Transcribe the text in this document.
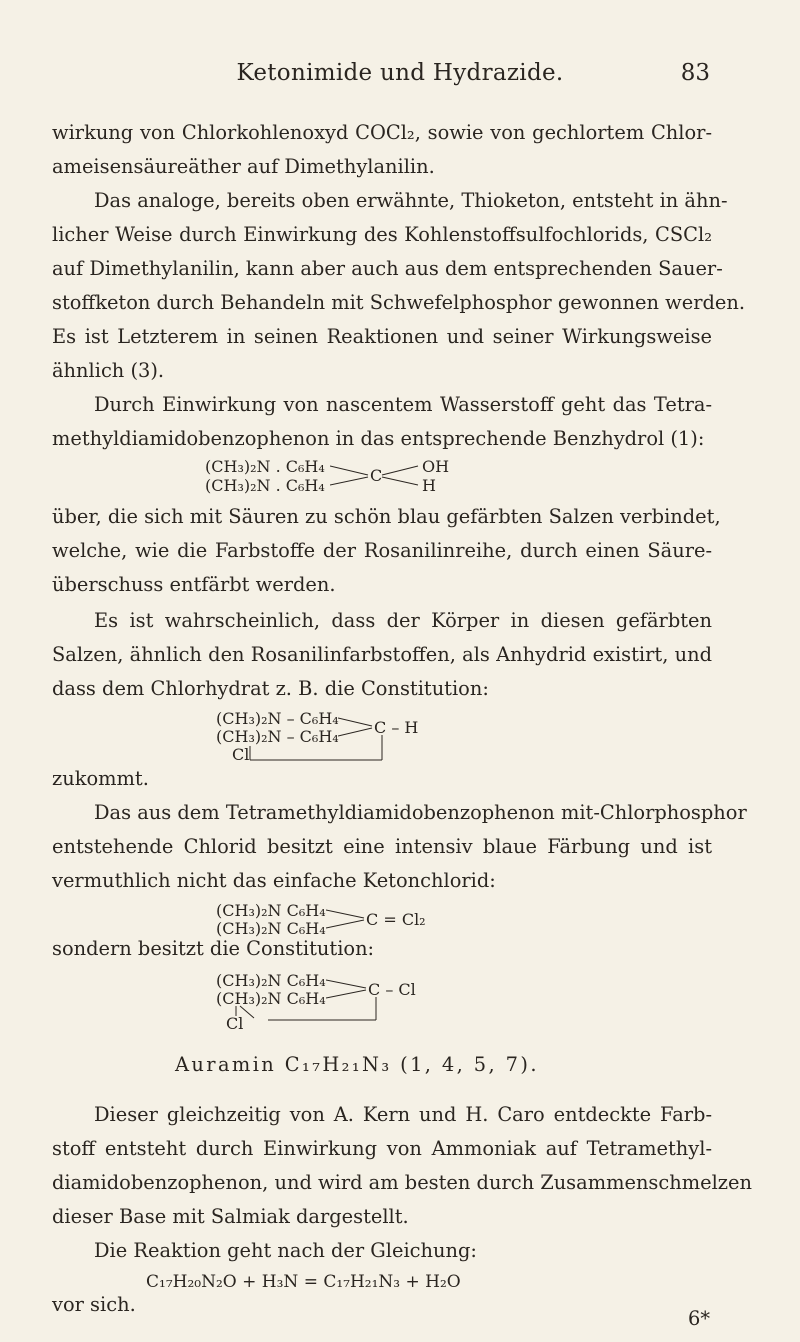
Ketonimide und Hydrazide.	83
wirkung von Chlorkohlenoxyd COCl₂, sowie von gechlortem Chlor-
ameisensäureäther auf Dimethylanilin.
Das analoge, bereits oben erwähnte, Thioketon, entsteht in ähn-
licher Weise durch Einwirkung des Kohlenstoffsulfochlorids, CSCl₂
auf Dimethylanilin, kann aber auch aus dem entsprechenden Sauer-
stoffketon durch Behandeln mit Schwefelphosphor gewonnen werden.
Es ist Letzterem in seinen Reaktionen und seiner Wirkungsweise
ähnlich (3).
Durch Einwirkung von nascentem Wasserstoff geht das Tetra-
methyldiamidobenzophenon in das entsprechende Benzhydrol (1):
(CH₃)₂N . C₆H₄
(CH₃)₂N . C₆H₄
C OH
H
über, die sich mit Säuren zu schön blau gefärbten Salzen verbindet,
welche, wie die Farbstoffe der Rosanilinreihe, durch einen Säure-
überschuss entfärbt werden.
Es ist wahrscheinlich, dass der Körper in diesen gefärbten
Salzen, ähnlich den Rosanilinfarbstoffen, als Anhydrid existirt, und
dass dem Chlorhydrat z. B. die Constitution:
(CH₃)₂N – C₆H₄
(CH₃)₂N – C₆H₄ C – H
Cl
zukommt.
Das aus dem Tetramethyldiamidobenzophenon mit-Chlorphosphor
entstehende Chlorid besitzt eine intensiv blaue Färbung und ist
vermuthlich nicht das einfache Ketonchlorid:
(CH₃)₂N C₆H₄
(CH₃)₂N C₆H₄	C = Cl₂
sondern besitzt die Constitution:
(CH₃)₂N C₆H₄
(CH₃)₂N C₆H₄	C – Cl
Cl
Auramin C₁₇H₂₁N₃ (1, 4, 5, 7).
Dieser gleichzeitig von A. Kern und H. Caro entdeckte Farb-
stoff entsteht durch Einwirkung von Ammoniak auf Tetramethyl-
diamidobenzophenon, und wird am besten durch Zusammenschmelzen
dieser Base mit Salmiak dargestellt.
Die Reaktion geht nach der Gleichung:
C₁₇H₂₀N₂O + H₃N = C₁₇H₂₁N₃ + H₂O
vor sich.
6*
